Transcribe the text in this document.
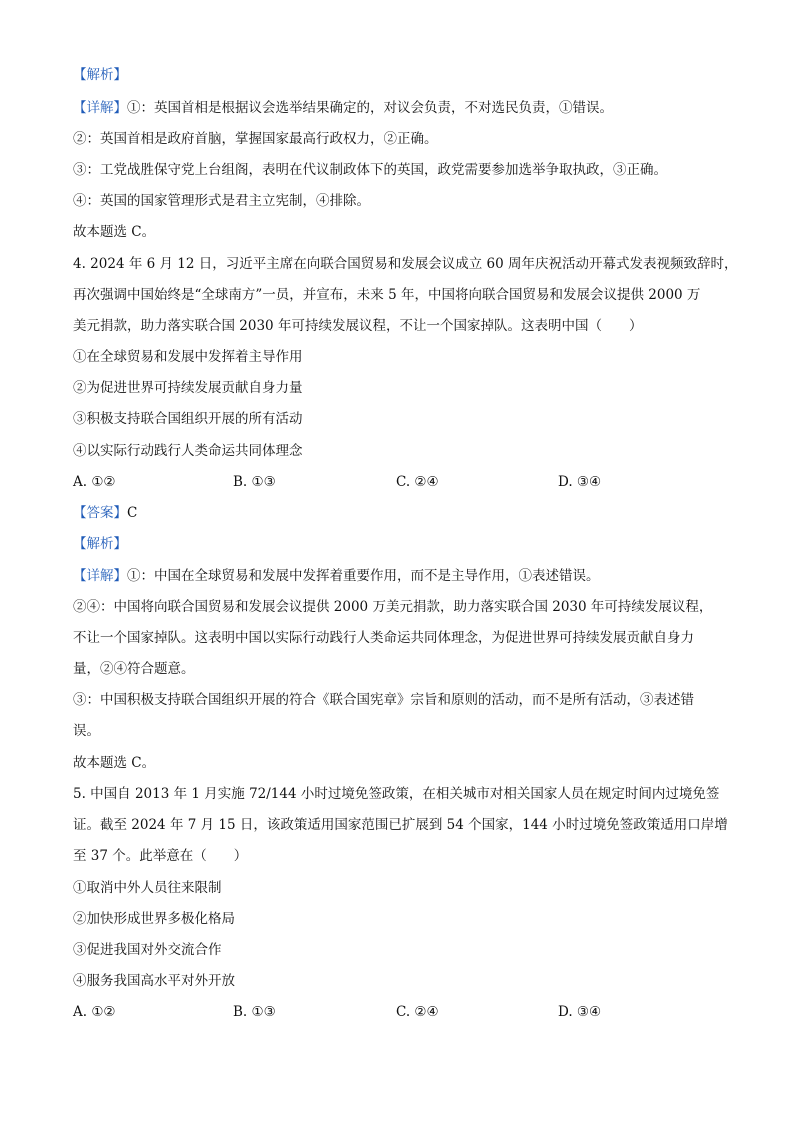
【解析】
【详解】①：英国首相是根据议会选举结果确定的，对议会负责，不对选民负责，①错误。
②：英国首相是政府首脑，掌握国家最高行政权力，②正确。
③：工党战胜保守党上台组阁，表明在代议制政体下的英国，政党需要参加选举争取执政，③正确。
④：英国的国家管理形式是君主立宪制，④排除。
故本题选 C。
4. 2024 年 6 月 12 日，习近平主席在向联合国贸易和发展会议成立 60 周年庆祝活动开幕式发表视频致辞时，
再次强调中国始终是“全球南方”一员，并宣布，未来 5 年，中国将向联合国贸易和发展会议提供 2000 万
美元捐款，助力落实联合国 2030 年可持续发展议程，不让一个国家掉队。这表明中国（　　）
①在全球贸易和发展中发挥着主导作用
②为促进世界可持续发展贡献自身力量
③积极支持联合国组织开展的所有活动
④以实际行动践行人类命运共同体理念
A. ①②	B. ①③	C. ②④	D. ③④
【答案】C
【解析】
【详解】①：中国在全球贸易和发展中发挥着重要作用，而不是主导作用，①表述错误。
②④：中国将向联合国贸易和发展会议提供 2000 万美元捐款，助力落实联合国 2030 年可持续发展议程，
不让一个国家掉队。这表明中国以实际行动践行人类命运共同体理念，为促进世界可持续发展贡献自身力
量，②④符合题意。
③：中国积极支持联合国组织开展的符合《联合国宪章》宗旨和原则的活动，而不是所有活动，③表述错
误。
故本题选 C。
5. 中国自 2013 年 1 月实施 72/144 小时过境免签政策，在相关城市对相关国家人员在规定时间内过境免签
证。截至 2024 年 7 月 15 日，该政策适用国家范围已扩展到 54 个国家，144 小时过境免签政策适用口岸增
至 37 个。此举意在（　　）
①取消中外人员往来限制
②加快形成世界多极化格局
③促进我国对外交流合作
④服务我国高水平对外开放
A. ①②	B. ①③	C. ②④	D. ③④
